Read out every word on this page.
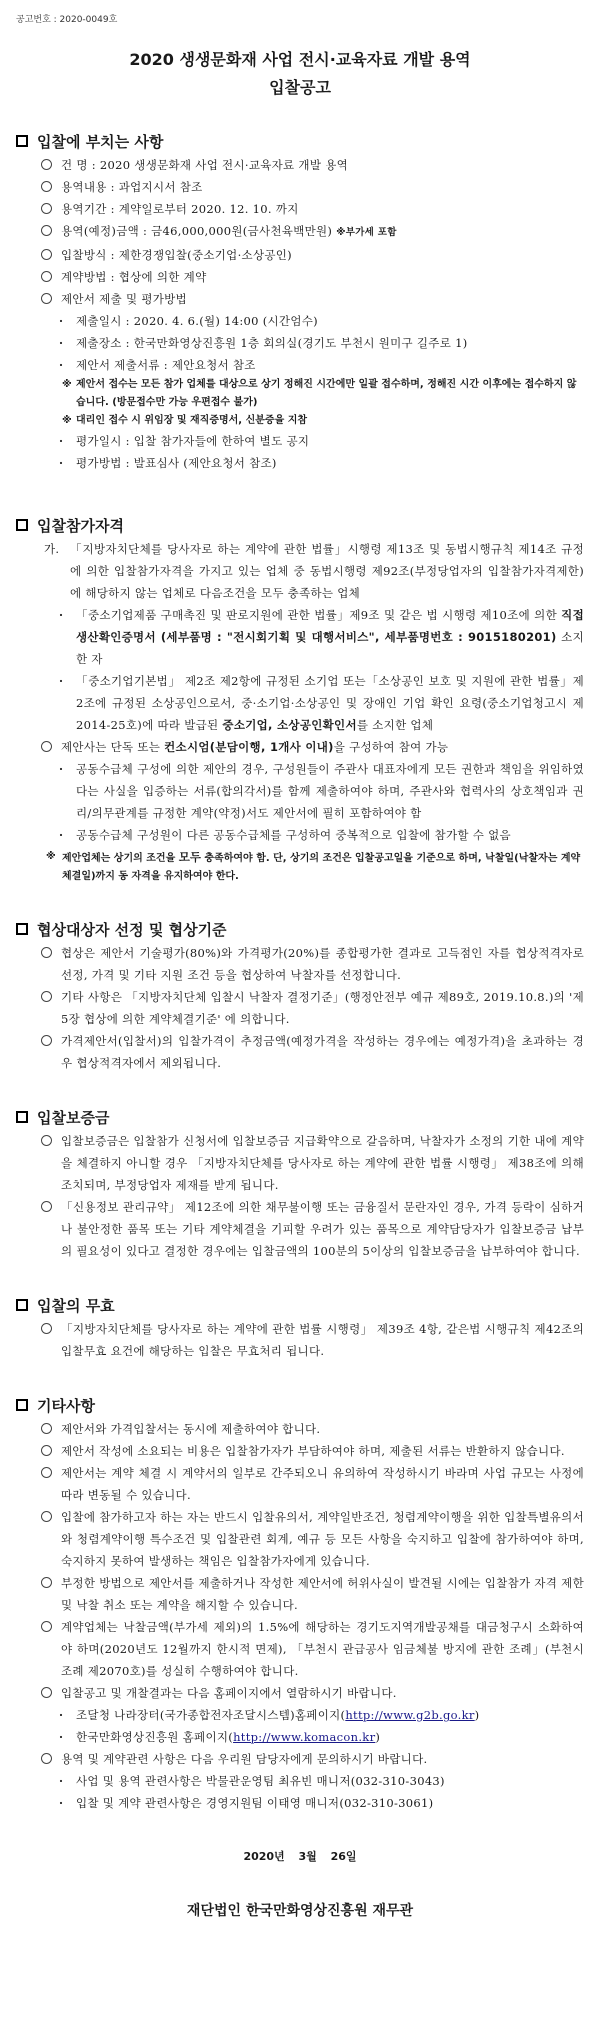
공고번호 : 2020-0049호
2020 생생문화재 사업 전시·교육자료 개발 용역
입찰공고
입찰에 부치는 사항
건 명 : 2020 생생문화재 사업 전시·교육자료 개발 용역
용역내용 : 과업지시서 참조
용역기간 : 계약일로부터 2020. 12. 10. 까지
용역(예정)금액 : 금46,000,000원(금사천육백만원) ※부가세 포함
입찰방식 : 제한경쟁입찰(중소기업·소상공인)
계약방법 : 협상에 의한 계약
제안서 제출 및 평가방법
· 제출일시 : 2020. 4. 6.(월) 14:00 (시간엄수)
· 제출장소 : 한국만화영상진흥원 1층 회의실(경기도 부천시 원미구 길주로 1)
· 제안서 제출서류 : 제안요청서 참조
※ 제안서 접수는 모든 참가 업체를 대상으로 상기 정해진 시간에만 일괄 접수하며, 정해진 시간 이후에는 접수하지 않습니다. (방문접수만 가능 우편접수 불가)
※ 대리인 접수 시 위임장 및 재직증명서, 신분증을 지참
· 평가일시 : 입찰 참가자들에 한하여 별도 공지
· 평가방법 : 발표심사 (제안요청서 참조)
입찰참가자격
가. 「지방자치단체를 당사자로 하는 계약에 관한 법률」시행령 제13조 및 동법시행규칙 제14조 규정에 의한 입찰참가자격을 가지고 있는 업체 중 동법시행령 제92조(부정당업자의 입찰참가자격제한)에 해당하지 않는 업체로 다음조건을 모두 충족하는 업체
· 「중소기업제품 구매촉진 및 판로지원에 관한 법률」제9조 및 같은 법 시행령 제10조에 의한 직접생산확인증명서 (세부품명 : "전시회기획 및 대행서비스", 세부품명번호 : 9015180201) 소지한 자
· 「중소기업기본법」 제2조 제2항에 규정된 소기업 또는「소상공인 보호 및 지원에 관한 법률」제2조에 규정된 소상공인으로서, 중·소기업·소상공인 및 장애인 기업 확인 요령(중소기업청고시 제2014-25호)에 따라 발급된 중소기업, 소상공인확인서를 소지한 업체
제안사는 단독 또는 컨소시엄(분담이행, 1개사 이내)을 구성하여 참여 가능
· 공동수급체 구성에 의한 제안의 경우, 구성원들이 주관사 대표자에게 모든 권한과 책임을 위임하였다는 사실을 입증하는 서류(합의각서)를 함께 제출하여야 하며, 주관사와 협력사의 상호책임과 권리/의무관계를 규정한 계약(약정)서도 제안서에 필히 포함하여야 함
· 공동수급체 구성원이 다른 공동수급체를 구성하여 중복적으로 입찰에 참가할 수 없음
※ 제안업체는 상기의 조건을 모두 충족하여야 함. 단, 상기의 조건은 입찰공고일을 기준으로 하며, 낙찰일(낙찰자는 계약체결일)까지 동 자격을 유지하여야 한다.
협상대상자 선정 및 협상기준
협상은 제안서 기술평가(80%)와 가격평가(20%)를 종합평가한 결과로 고득점인 자를 협상적격자로 선정, 가격 및 기타 지원 조건 등을 협상하여 낙찰자를 선정합니다.
기타 사항은 「지방자치단체 입찰시 낙찰자 결정기준」(행정안전부 예규 제89호, 2019.10.8.)의 '제5장 협상에 의한 계약체결기준' 에 의합니다.
가격제안서(입찰서)의 입찰가격이 추정금액(예정가격을 작성하는 경우에는 예정가격)을 초과하는 경우 협상적격자에서 제외됩니다.
입찰보증금
입찰보증금은 입찰참가 신청서에 입찰보증금 지급확약으로 갈음하며, 낙찰자가 소정의 기한 내에 계약을 체결하지 아니할 경우 「지방자치단체를 당사자로 하는 계약에 관한 법률 시행령」 제38조에 의해 조치되며, 부정당업자 제재를 받게 됩니다.
「신용정보 관리규약」 제12조에 의한 채무불이행 또는 금융질서 문란자인 경우, 가격 등락이 심하거나 불안정한 품목 또는 기타 계약체결을 기피할 우려가 있는 품목으로 계약담당자가 입찰보증금 납부의 필요성이 있다고 결정한 경우에는 입찰금액의 100분의 5이상의 입찰보증금을 납부하여야 합니다.
입찰의 무효
「지방자치단체를 당사자로 하는 계약에 관한 법률 시행령」 제39조 4항, 같은법 시행규칙 제42조의 입찰무효 요건에 해당하는 입찰은 무효처리 됩니다.
기타사항
제안서와 가격입찰서는 동시에 제출하여야 합니다.
제안서 작성에 소요되는 비용은 입찰참가자가 부담하여야 하며, 제출된 서류는 반환하지 않습니다.
제안서는 계약 체결 시 계약서의 일부로 간주되오니 유의하여 작성하시기 바라며 사업 규모는 사정에 따라 변동될 수 있습니다.
입찰에 참가하고자 하는 자는 반드시 입찰유의서, 계약일반조건, 청렴계약이행을 위한 입찰특별유의서와 청렴계약이행 특수조건 및 입찰관련 회계, 예규 등 모든 사항을 숙지하고 입찰에 참가하여야 하며, 숙지하지 못하여 발생하는 책임은 입찰참가자에게 있습니다.
부정한 방법으로 제안서를 제출하거나 작성한 제안서에 허위사실이 발견될 시에는 입찰참가 자격 제한 및 낙찰 취소 또는 계약을 해지할 수 있습니다.
계약업체는 낙찰금액(부가세 제외)의 1.5%에 해당하는 경기도지역개발공채를 대금청구시 소화하여야 하며(2020년도 12월까지 한시적 면제), 「부천시 관급공사 임금체불 방지에 관한 조례」(부천시 조례 제2070호)를 성실히 수행하여야 합니다.
입찰공고 및 개찰결과는 다음 홈페이지에서 열람하시기 바랍니다.
· 조달청 나라장터(국가종합전자조달시스템)홈페이지(http://www.g2b.go.kr)
· 한국만화영상진흥원 홈페이지(http://www.komacon.kr)
용역 및 계약관련 사항은 다음 우리원 담당자에게 문의하시기 바랍니다.
· 사업 및 용역 관련사항은 박물관운영팀 최유빈 매니저(032-310-3043)
· 입찰 및 계약 관련사항은 경영지원팀 이태영 매니저(032-310-3061)
2020년 3월 26일
재단법인 한국만화영상진흥원 재무관
